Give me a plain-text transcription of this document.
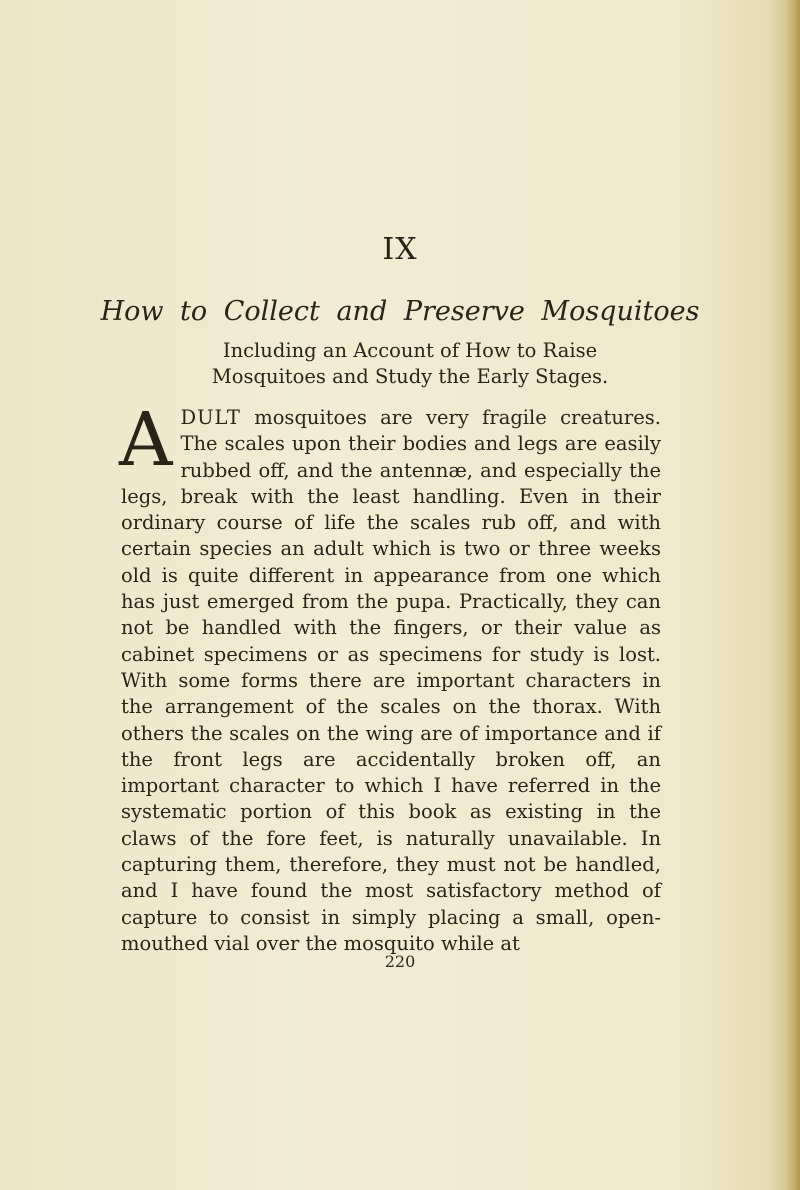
IX
How to Collect and Preserve Mosquitoes
Including an Account of How to Raise Mosquitoes and Study the Early Stages.

ADULT mosquitoes are very fragile creatures. The scales upon their bodies and legs are easily rubbed off, and the antennæ, and especially the legs, break with the least handling. Even in their ordinary course of life the scales rub off, and with certain species an adult which is two or three weeks old is quite different in appearance from one which has just emerged from the pupa. Practically, they can not be handled with the fingers, or their value as cabinet specimens or as specimens for study is lost. With some forms there are important characters in the arrangement of the scales on the thorax. With others the scales on the wing are of importance and if the front legs are accidentally broken off, an important character to which I have referred in the systematic portion of this book as existing in the claws of the fore feet, is naturally unavailable. In capturing them, therefore, they must not be handled, and I have found the most satisfactory method of capture to consist in simply placing a small, open-mouthed vial over the mosquito while at

220
